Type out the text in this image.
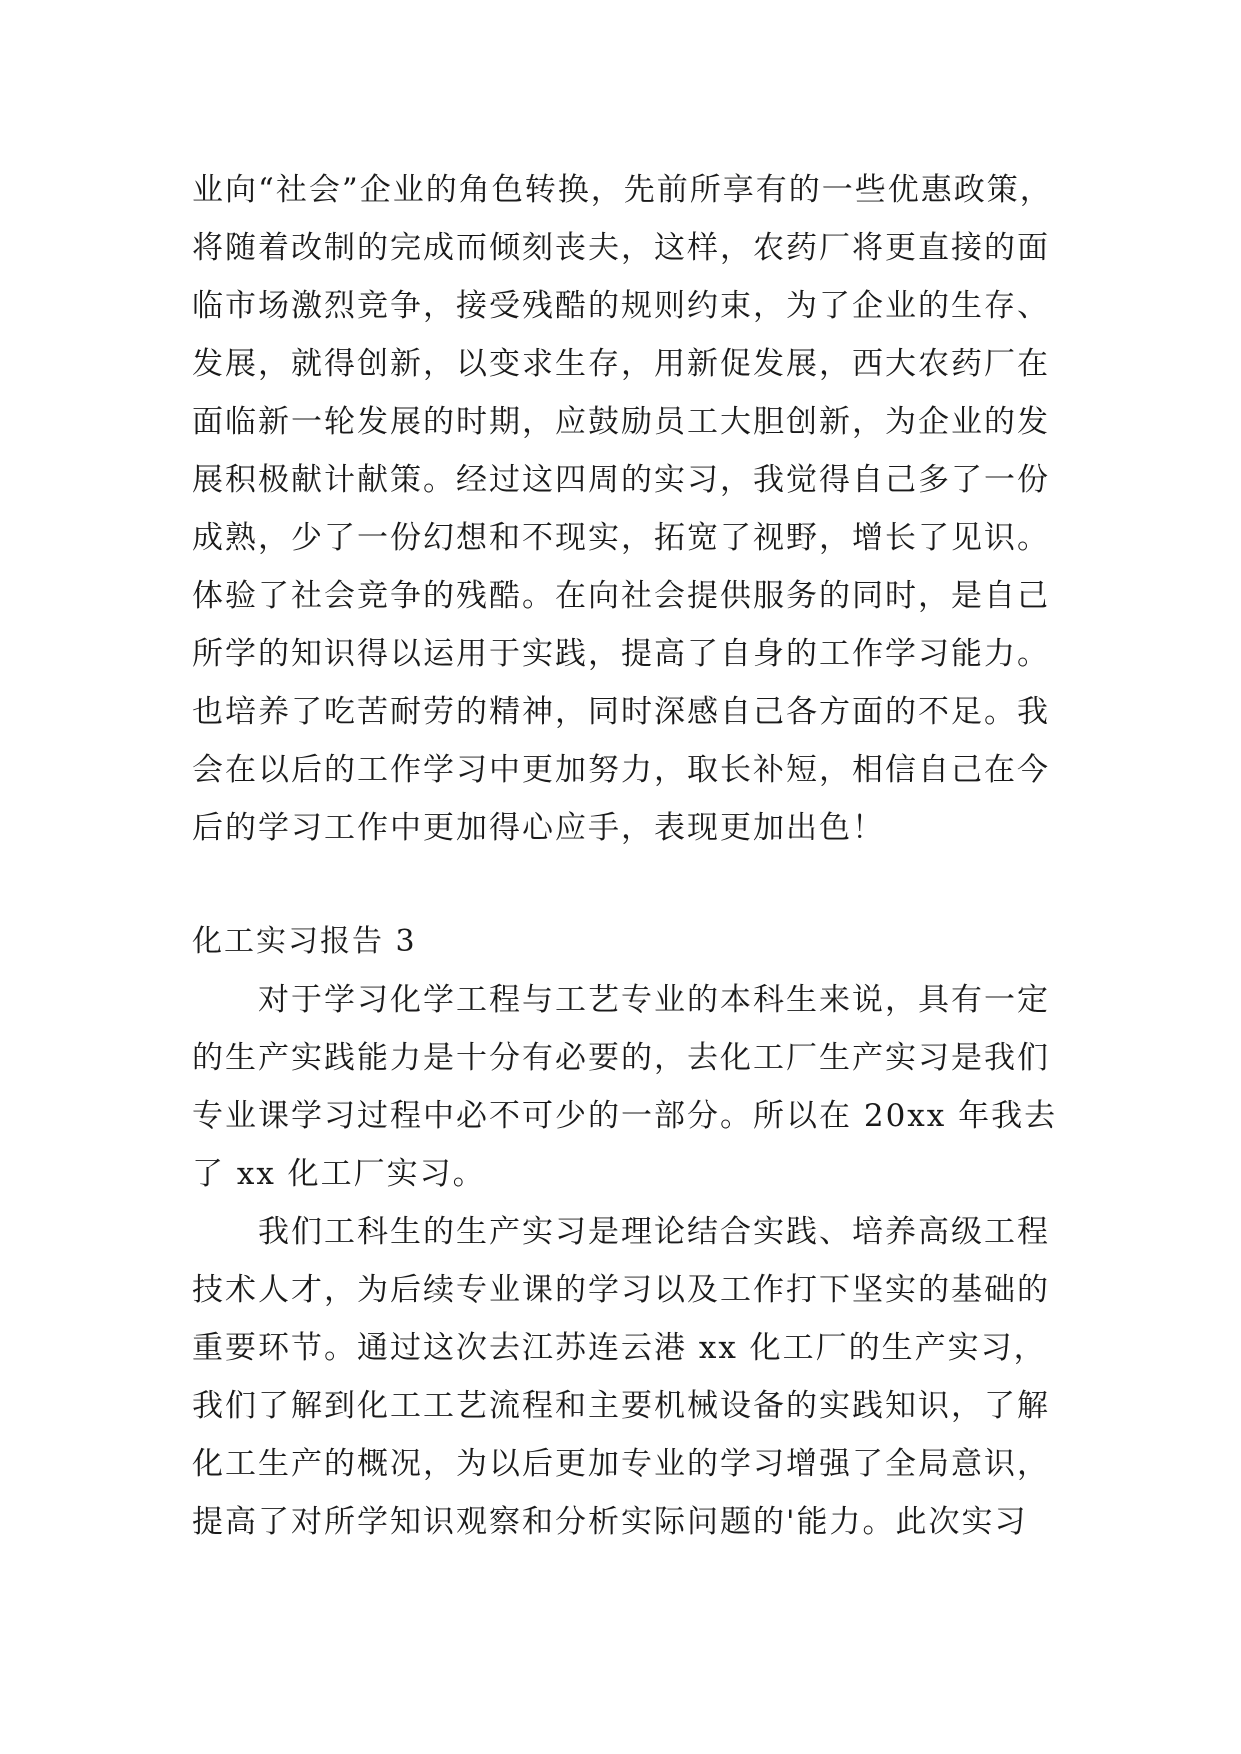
业向“社会”企业的角色转换，先前所享有的一些优惠政策，
将随着改制的完成而倾刻丧夫，这样，农药厂将更直接的面
临市场激烈竞争，接受残酷的规则约束，为了企业的生存、
发展，就得创新，以变求生存，用新促发展，西大农药厂在
面临新一轮发展的时期，应鼓励员工大胆创新，为企业的发
展积极献计献策。经过这四周的实习，我觉得自己多了一份
成熟，少了一份幻想和不现实，拓宽了视野，增长了见识。
体验了社会竞争的残酷。在向社会提供服务的同时，是自己
所学的知识得以运用于实践，提高了自身的工作学习能力。
也培养了吃苦耐劳的精神，同时深感自己各方面的不足。我
会在以后的工作学习中更加努力，取长补短，相信自己在今
后的学习工作中更加得心应手，表现更加出色！
化工实习报告 3
对于学习化学工程与工艺专业的本科生来说，具有一定
的生产实践能力是十分有必要的，去化工厂生产实习是我们
专业课学习过程中必不可少的一部分。所以在 20xx 年我去
了 xx 化工厂实习。
我们工科生的生产实习是理论结合实践、培养高级工程
技术人才，为后续专业课的学习以及工作打下坚实的基础的
重要环节。通过这次去江苏连云港 xx 化工厂的生产实习，
我们了解到化工工艺流程和主要机械设备的实践知识，了解
化工生产的概况，为以后更加专业的学习增强了全局意识，
提高了对所学知识观察和分析实际问题的'能力。此次实习
